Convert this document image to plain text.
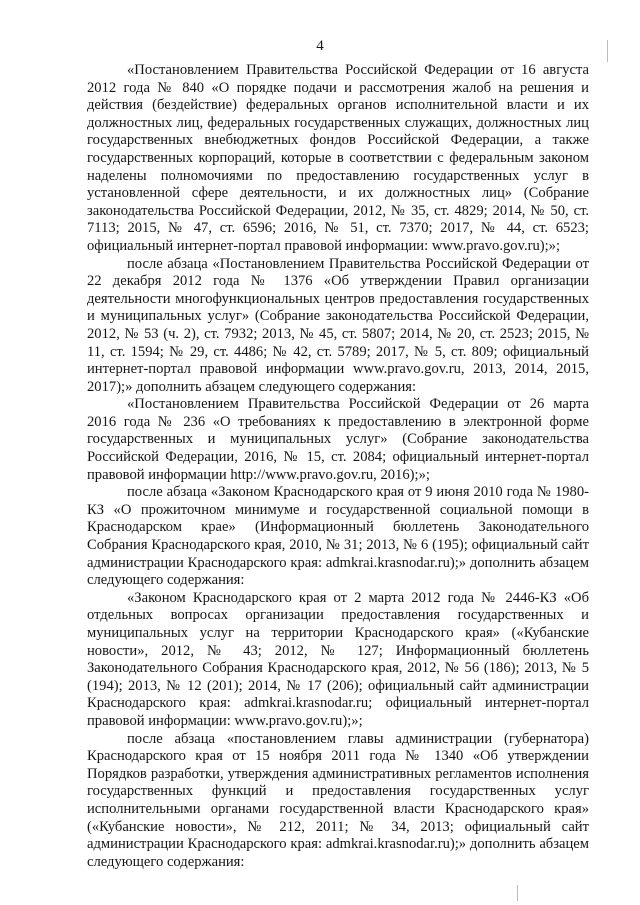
4

«Постановлением Правительства Российской Федерации от 16 августа 2012 года № 840 «О порядке подачи и рассмотрения жалоб на решения и действия (бездействие) федеральных органов исполнительной власти и их должностных лиц, федеральных государственных служащих, должностных лиц государственных внебюджетных фондов Российской Федерации, а также государственных корпораций, которые в соответствии с федеральным законом наделены полномочиями по предоставлению государственных услуг в установленной сфере деятельности, и их должностных лиц» (Собрание законодательства Российской Федерации, 2012, № 35, ст. 4829; 2014, № 50, ст. 7113; 2015, № 47, ст. 6596; 2016, № 51, ст. 7370; 2017, № 44, ст. 6523; официальный интернет-портал правовой информации: www.pravo.gov.ru);»;

после абзаца «Постановлением Правительства Российской Федерации от 22 декабря 2012 года № 1376 «Об утверждении Правил организации деятельности многофункциональных центров предоставления государственных и муниципальных услуг» (Собрание законодательства Российской Федерации, 2012, № 53 (ч. 2), ст. 7932; 2013, № 45, ст. 5807; 2014, № 20, ст. 2523; 2015, № 11, ст. 1594; № 29, ст. 4486; № 42, ст. 5789; 2017, № 5, ст. 809; официальный интернет-портал правовой информации www.pravo.gov.ru, 2013, 2014, 2015, 2017);» дополнить абзацем следующего содержания:

«Постановлением Правительства Российской Федерации от 26 марта 2016 года № 236 «О требованиях к предоставлению в электронной форме государственных и муниципальных услуг» (Собрание законодательства Российской Федерации, 2016, № 15, ст. 2084; официальный интернет-портал правовой информации http://www.pravo.gov.ru, 2016);»;

после абзаца «Законом Краснодарского края от 9 июня 2010 года № 1980-КЗ «О прожиточном минимуме и государственной социальной помощи в Краснодарском крае» (Информационный бюллетень Законодательного Собрания Краснодарского края, 2010, № 31; 2013, № 6 (195); официальный сайт администрации Краснодарского края: admkrai.krasnodar.ru);» дополнить абзацем следующего содержания:

«Законом Краснодарского края от 2 марта 2012 года № 2446-КЗ «Об отдельных вопросах организации предоставления государственных и муниципальных услуг на территории Краснодарского края» («Кубанские новости», 2012, № 43; 2012, № 127; Информационный бюллетень Законодательного Собрания Краснодарского края, 2012, № 56 (186); 2013, № 5 (194); 2013, № 12 (201); 2014, № 17 (206); официальный сайт администрации Краснодарского края: admkrai.krasnodar.ru; официальный интернет-портал правовой информации: www.pravo.gov.ru);»;

после абзаца «постановлением главы администрации (губернатора) Краснодарского края от 15 ноября 2011 года № 1340 «Об утверждении Порядков разработки, утверждения административных регламентов исполнения государственных функций и предоставления государственных услуг исполнительными органами государственной власти Краснодарского края» («Кубанские новости», № 212, 2011; № 34, 2013; официальный сайт администрации Краснодарского края: admkrai.krasnodar.ru);» дополнить абзацем следующего содержания:
